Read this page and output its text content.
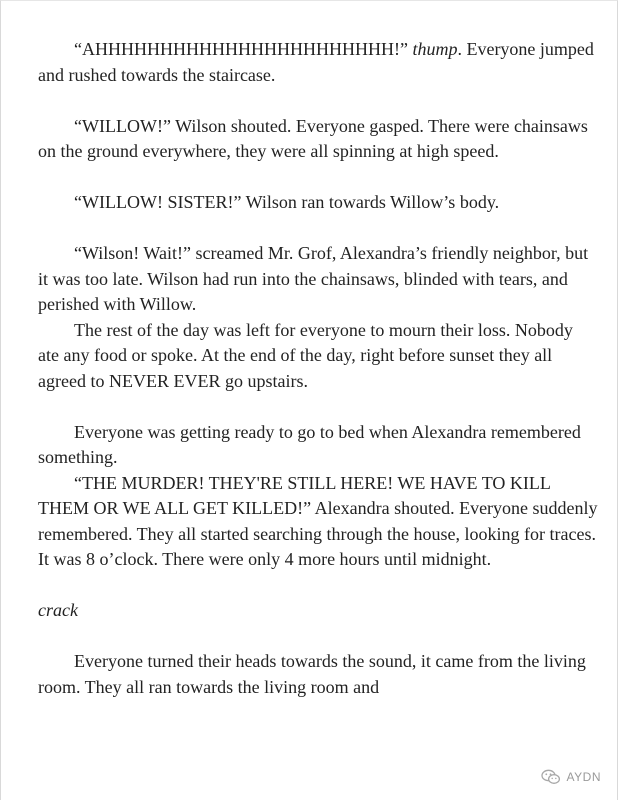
“AHHHHHHHHHHHHHHHHHHHHHHH!” thump. Everyone jumped and rushed towards the staircase.

“WILLOW!” Wilson shouted. Everyone gasped. There were chainsaws on the ground everywhere, they were all spinning at high speed.

“WILLOW! SISTER!” Wilson ran towards Willow’s body.

“Wilson! Wait!” screamed Mr. Grof, Alexandra’s friendly neighbor, but it was too late. Wilson had run into the chainsaws, blinded with tears, and perished with Willow.

The rest of the day was left for everyone to mourn their loss. Nobody ate any food or spoke. At the end of the day, right before sunset they all agreed to NEVER EVER go upstairs.

Everyone was getting ready to go to bed when Alexandra remembered something.

“THE MURDER! THEY'RE STILL HERE! WE HAVE TO KILL THEM OR WE ALL GET KILLED!” Alexandra shouted. Everyone suddenly remembered. They all started searching through the house, looking for traces. It was 8 o’clock. There were only 4 more hours until midnight.

crack

Everyone turned their heads towards the sound, it came from the living room. They all ran towards the living room and

AYDN
